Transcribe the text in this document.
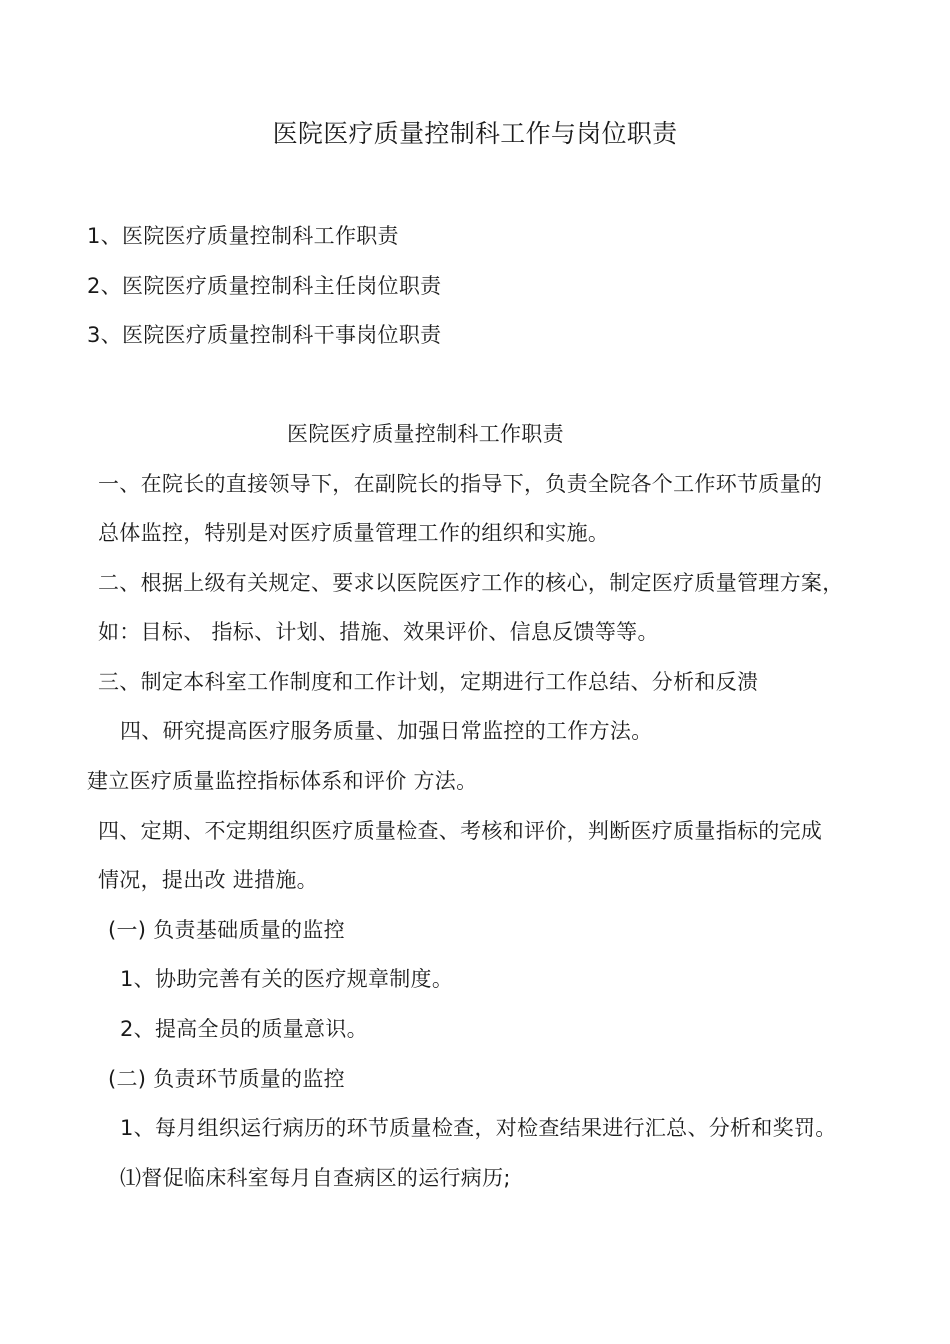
医院医疗质量控制科工作与岗位职责
1、医院医疗质量控制科工作职责
2、医院医疗质量控制科主任岗位职责
3、医院医疗质量控制科干事岗位职责
医院医疗质量控制科工作职责
一、在院长的直接领导下，在副院长的指导下，负责全院各个工作环节质量的
总体监控，特别是对医疗质量管理工作的组织和实施。
二、根据上级有关规定、要求以医院医疗工作的核心，制定医疗质量管理方案，
如：目标、 指标、计划、措施、效果评价、信息反馈等等。
三、制定本科室工作制度和工作计划，定期进行工作总结、分析和反溃
四、研究提高医疗服务质量、加强日常监控的工作方法。
建立医疗质量监控指标体系和评价 方法。
四、定期、不定期组织医疗质量检查、考核和评价，判断医疗质量指标的完成
情况，提出改 进措施。
(一) 负责基础质量的监控
1、协助完善有关的医疗规章制度。
2、提高全员的质量意识。
(二) 负责环节质量的监控
1、每月组织运行病历的环节质量检查，对检查结果进行汇总、分析和奖罚。
⑴督促临床科室每月自查病区的运行病历;
